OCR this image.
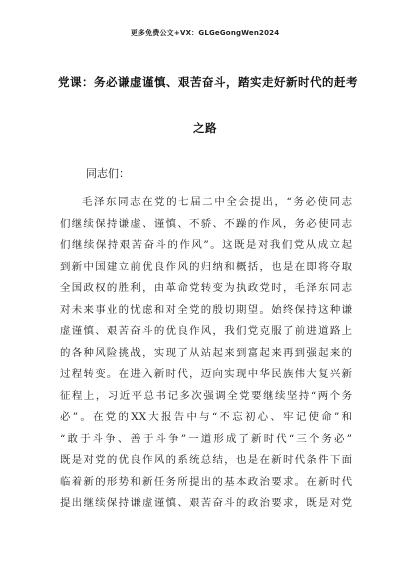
更多免费公文+VX：GLGeGongWen2024
党课：务必谦虚谨慎、艰苦奋斗，踏实走好新时代的赶考
之路
同志们：
毛泽东同志在党的七届二中全会提出，“务必使同志
们继续保持谦虚、谨慎、不骄、不躁的作风，务必使同志
们继续保持艰苦奋斗的作风”。这既是对我们党从成立起
到新中国建立前优良作风的归纳和概括，也是在即将夺取
全国政权的胜利，由革命党转变为执政党时，毛泽东同志
对未来事业的忧虑和对全党的殷切期望。始终保持这种谦
虚谨慎、艰苦奋斗的优良作风，我们党克服了前进道路上
的各种风险挑战，实现了从站起来到富起来再到强起来的
过程转变。在进入新时代，迈向实现中华民族伟大复兴新
征程上，习近平总书记多次强调全党要继续坚持“两个务
必”。在党的XX大报告中与“不忘初心、牢记使命”和
“敢于斗争、善于斗争”一道形成了新时代“三个务必”
既是对党的优良作风的系统总结，也是在新时代条件下面
临着新的形势和新任务所提出的基本政治要求。在新时代
提出继续保持谦虚谨慎、艰苦奋斗的政治要求，既是对党
